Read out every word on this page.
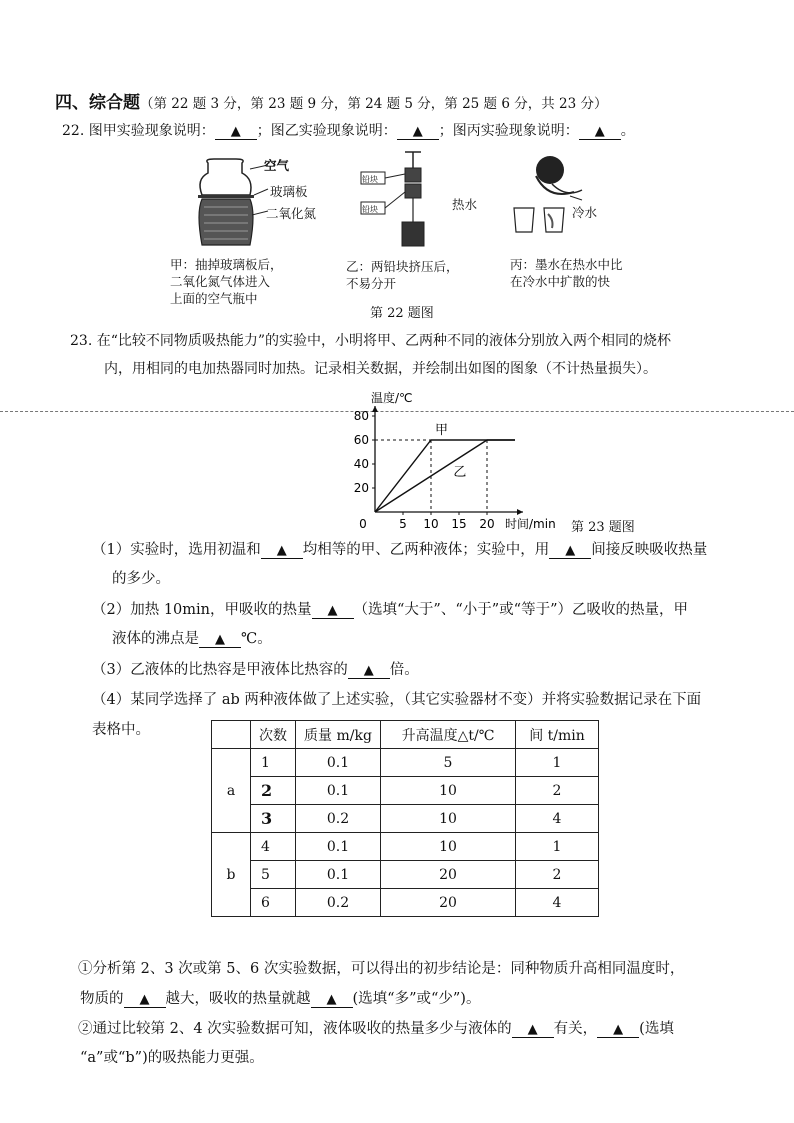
四、综合题（第 22 题 3 分，第 23 题 9 分，第 24 题 5 分，第 25 题 6 分，共 23 分）
22. 图甲实验现象说明： ▲ ；图乙实验现象说明： ▲ ；图丙实验现象说明： ▲ 。
空气
玻璃板
二氧化氮
甲：抽掉玻璃板后，
二氧化氮气体进入
上面的空气瓶中
铅块
铅块	热水
乙：两铅块挤压后，
不易分开
冷水
丙：墨水在热水中比
在冷水中扩散的快
第 22 题图
23. 在“比较不同物质吸热能力”的实验中，小明将甲、乙两种不同的液体分别放入两个相同的烧杯
内，用相同的电加热器同时加热。记录相关数据，并绘制出如图的图象（不计热量损失）。
温度/℃
时间/min
20
40
60
80
0	5 10 15 20
甲
乙
第 23 题图
（1）实验时，选用初温和 ▲ 均相等的甲、乙两种液体；实验中，用 ▲ 间接反映吸收热量
的多少。
（2）加热 10min，甲吸收的热量 ▲ （选填“大于”、“小于”或“等于”）乙吸收的热量，甲
液体的沸点是 ▲ ℃。
（3）乙液体的比热容是甲液体比热容的 ▲ 倍。
（4）某同学选择了 ab 两种液体做了上述实验，（其它实验器材不变）并将实验数据记录在下面
表格中。
		次数	质量 m/kg	升高温度△t/℃	间 t/min
a	1	0.1	5	1
	2	0.1	10	2
	3	0.2	10	4
b	4	0.1	10	1
	5	0.1	20	2
	6	0.2	20	4
①分析第 2、3 次或第 5、6 次实验数据，可以得出的初步结论是：同种物质升高相同温度时，
物质的 ▲ 越大，吸收的热量就越 ▲ (选填“多”或“少”)。
②通过比较第 2、4 次实验数据可知，液体吸收的热量多少与液体的 ▲ 有关， ▲ (选填
“a”或“b”)的吸热能力更强。
